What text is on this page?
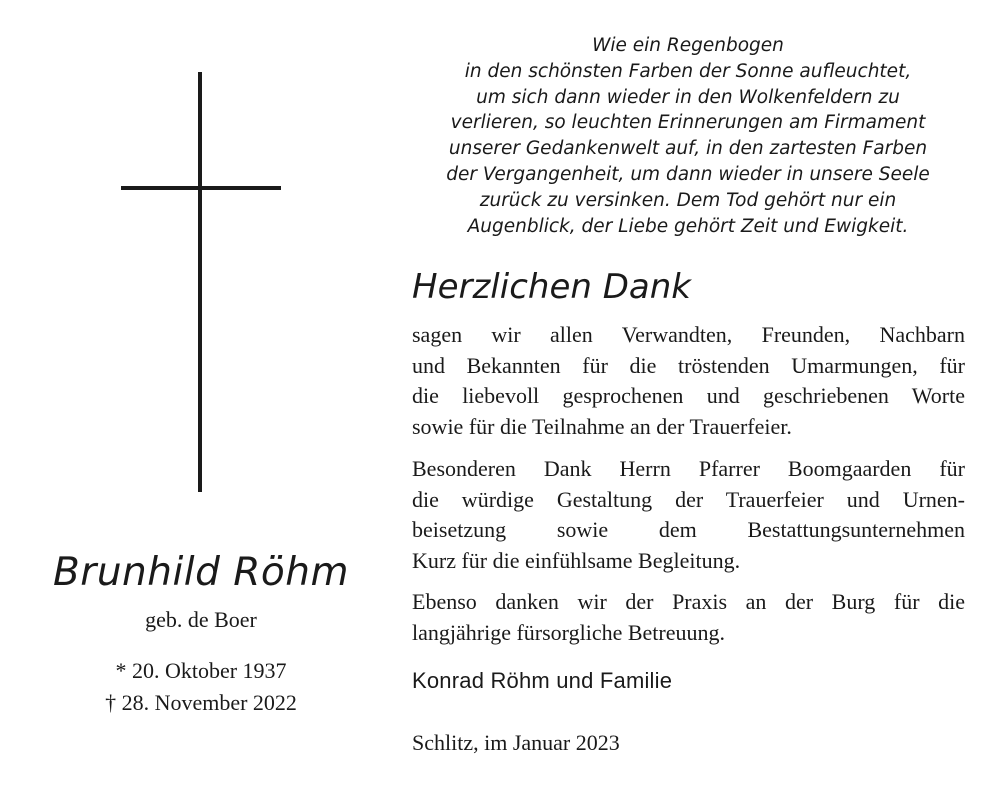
Brunhild Röhm
geb. de Boer
* 20. Oktober 1937
† 28. November 2022
Wie ein Regenbogen
in den schönsten Farben der Sonne aufleuchtet,
um sich dann wieder in den Wolkenfeldern zu
verlieren, so leuchten Erinnerungen am Firmament
unserer Gedankenwelt auf, in den zartesten Farben
der Vergangenheit, um dann wieder in unsere Seele
zurück zu versinken. Dem Tod gehört nur ein
Augenblick, der Liebe gehört Zeit und Ewigkeit.
Herzlichen Dank
sagen wir allen Verwandten, Freunden, Nachbarn
und Bekannten für die tröstenden Umarmungen, für
die liebevoll gesprochenen und geschriebenen Worte
sowie für die Teilnahme an der Trauerfeier.
Besonderen Dank Herrn Pfarrer Boomgaarden für
die würdige Gestaltung der Trauerfeier und Urnen-
beisetzung sowie dem Bestattungsunternehmen
Kurz für die einfühlsame Begleitung.
Ebenso danken wir der Praxis an der Burg für die
langjährige fürsorgliche Betreuung.
Konrad Röhm und Familie
Schlitz, im Januar 2023
